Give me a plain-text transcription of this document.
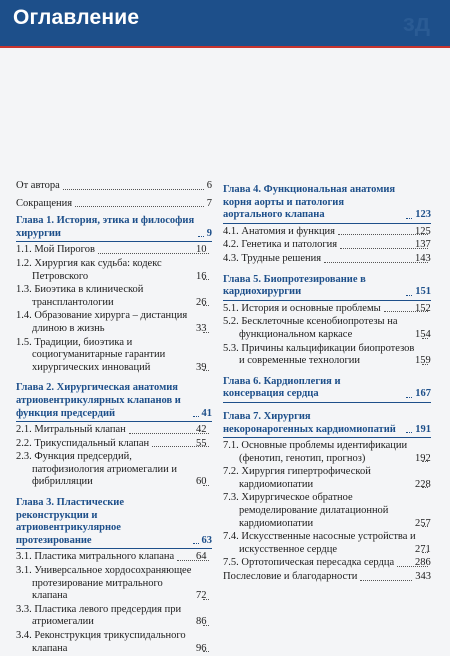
Оглавление	зд
От автора	6
Сокращения	7
Глава 1. История, этика и философия хирургии	9
1.1. Мой Пирогов	10
1.2. Хирургия как судьба: кодекс Петровского	16
1.3. Биоэтика в клинической трансплантологии	26
1.4. Образование хирурга – дистанция длиною в жизнь	33
1.5. Традиции, биоэтика и социогуманитарные гарантии хирургических инноваций	39
Глава 2. Хирургическая анатомия атриовентрикулярных клапанов и функция предсердий	41
2.1. Митральный клапан	42
2.2. Трикуспидальный клапан	55
2.3. Функция предсердий, патофизиология атриомегалии и фибрилляции	60
Глава 3. Пластические реконструкции и атриовентрикулярное протезирование	63
3.1. Пластика митрального клапана 64
3.1. Универсальное хордосохраняющее протезирование митрального клапана	72
3.3. Пластика левого предсердия при атриомегалии	86
3.4. Реконструкция трикуспидального клапана	96
Глава 4. Функциональная анатомия корня аорты и патология аортального клапана	123
4.1. Анатомия и функция	125
4.2. Генетика и патология	137
4.3. Трудные решения	143
Глава 5. Биопротезирование в кардиохирургии	151
5.1. История и основные проблемы	152
5.2. Бесклеточные ксенобиопротезы на функциональном каркасе	154
5.3. Причины кальцификации биопротезов и современные технологии	159
Глава 6. Кардиоплегия и консервация сердца	167
Глава 7. Хирургия некоронарогенных кардиомиопатий	191
7.1. Основные проблемы идентификации (фенотип, генотип, прогноз)	192
7.2. Хирургия гипертрофической кардиомиопатии	228
7.3. Хирургическое обратное ремоделирование дилатационной кардиомиопатии	257
7.4. Искусственные насосные устройства и искусственное сердце	271
7.5. Ортотопическая пересадка сердца 286
Послесловие и благодарности	343
